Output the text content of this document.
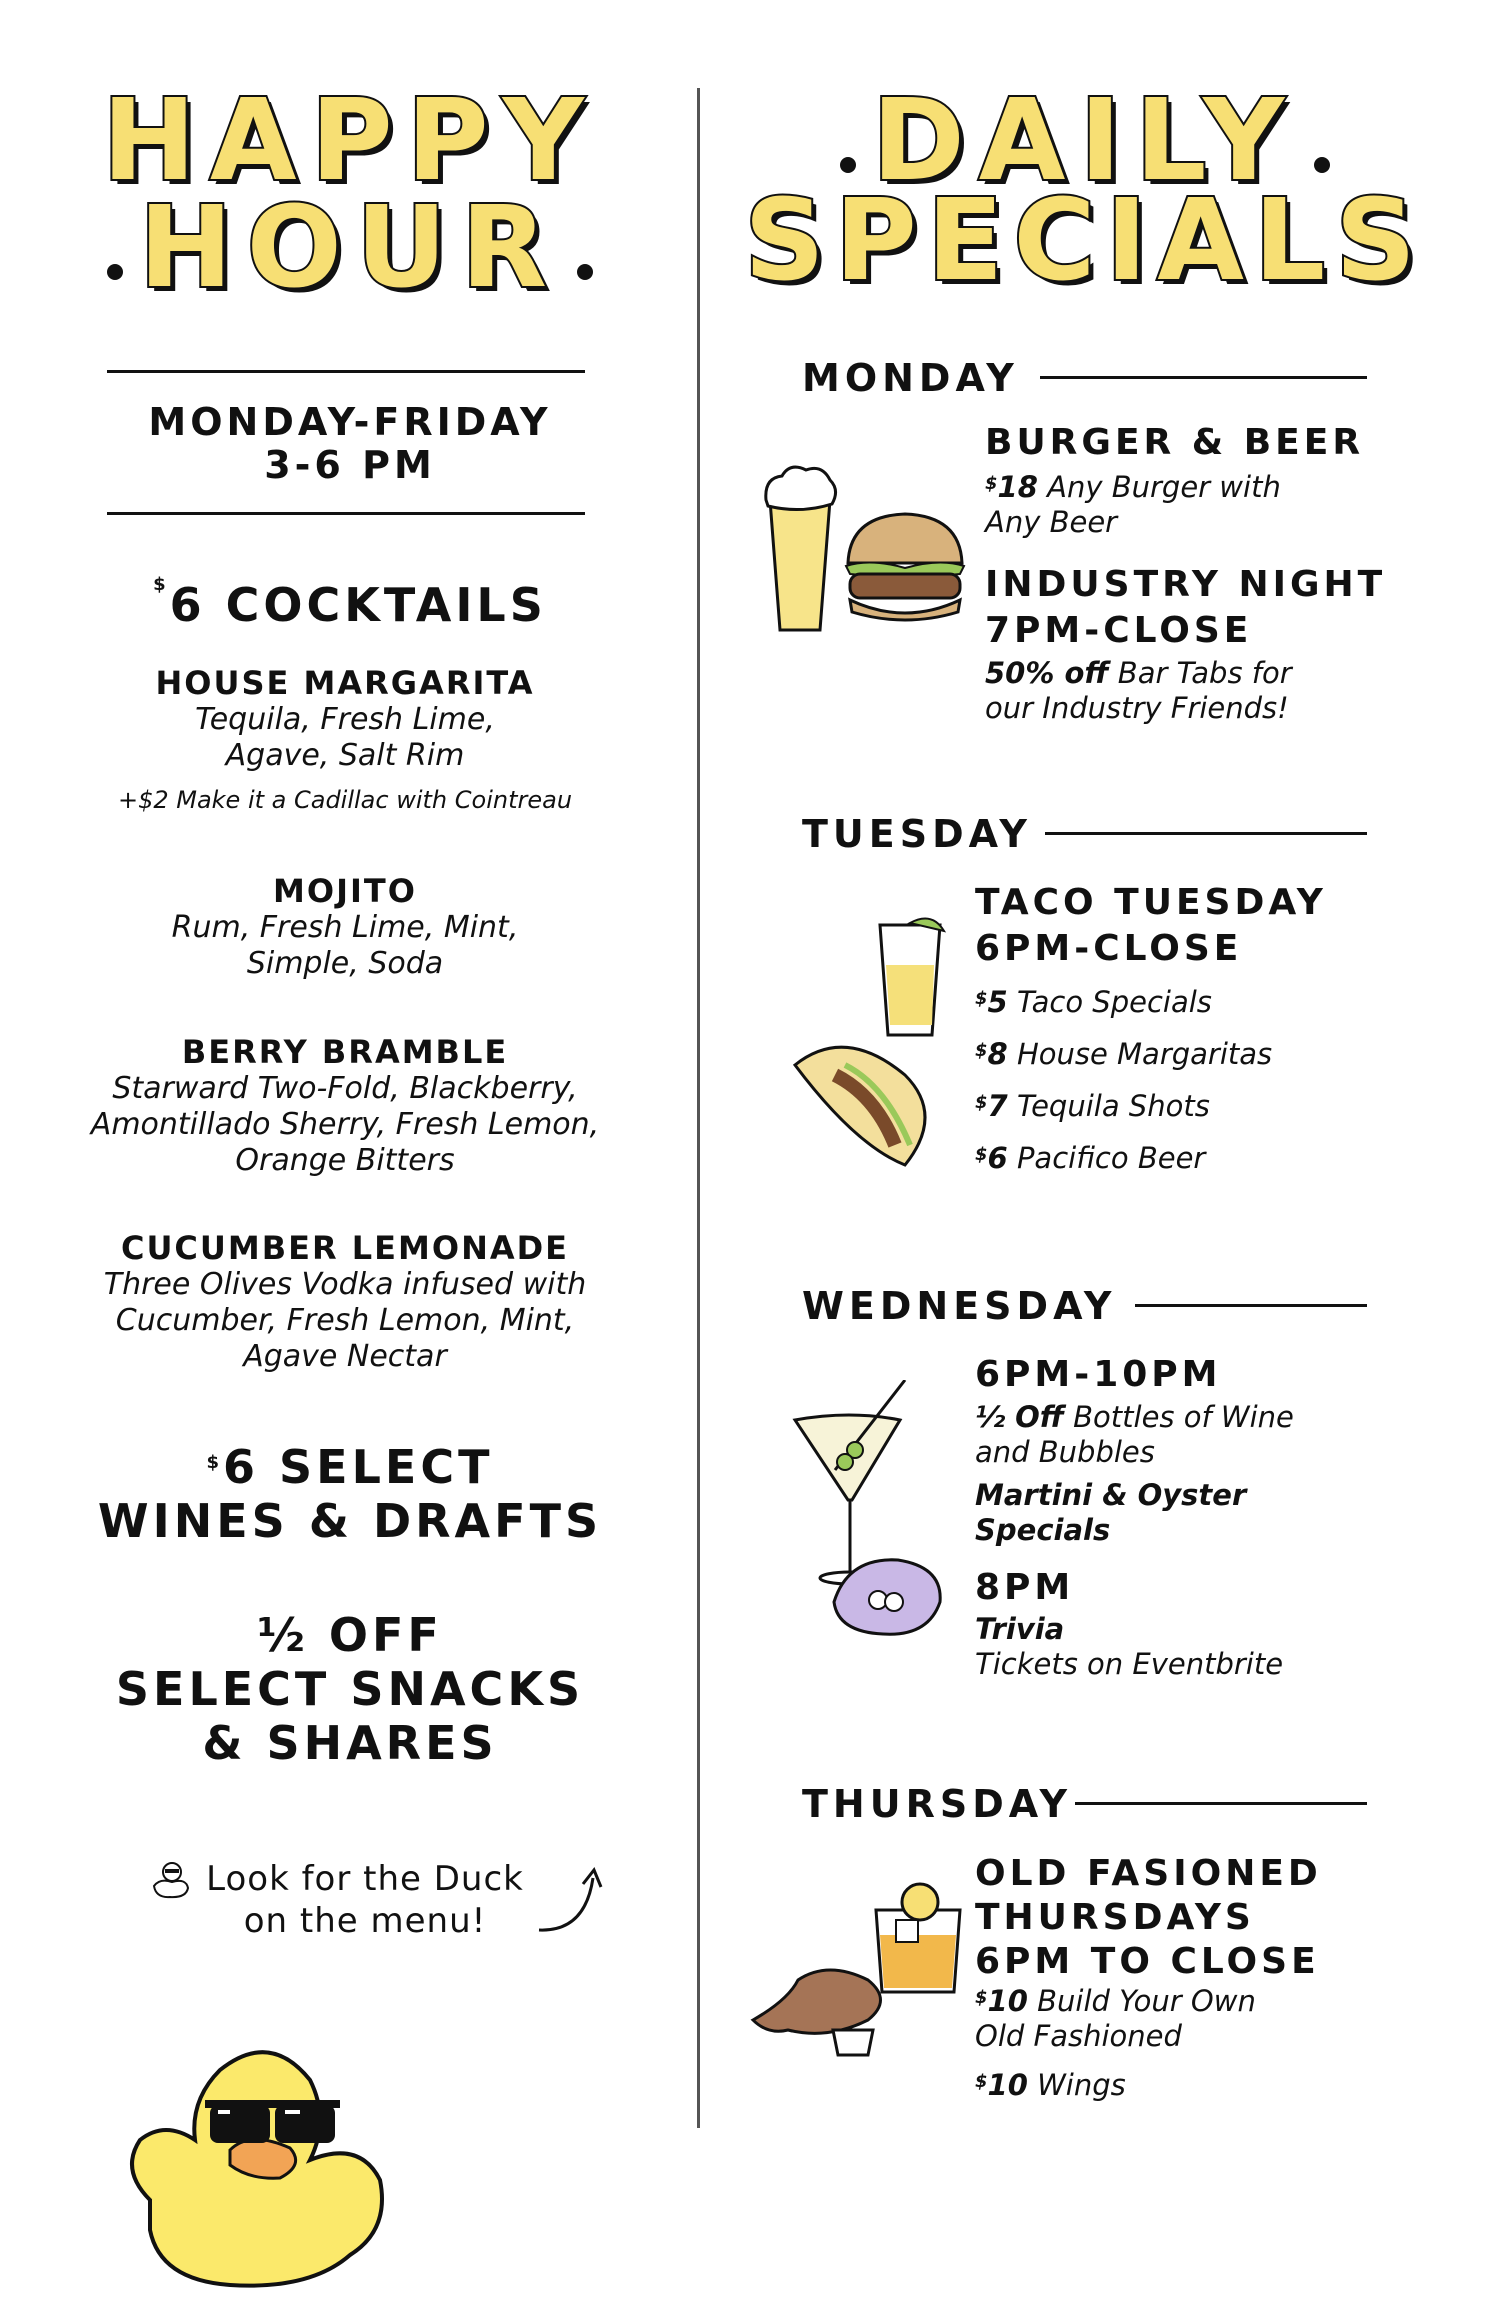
HAPPY
HOUR
MONDAY-FRIDAY
3-6 PM
$6 COCKTAILS
HOUSE MARGARITA
Tequila, Fresh Lime,
Agave, Salt Rim
+$2 Make it a Cadillac with Cointreau
MOJITO
Rum, Fresh Lime, Mint,
Simple, Soda
BERRY BRAMBLE
Starward Two-Fold, Blackberry,
Amontillado Sherry, Fresh Lemon,
Orange Bitters
CUCUMBER LEMONADE
Three Olives Vodka infused with
Cucumber, Fresh Lemon, Mint,
Agave Nectar
$6 SELECT
WINES & DRAFTS
½ OFF
SELECT SNACKS
& SHARES
Look for the Duck
on the menu!
DAILY
SPECIALS
MONDAY
BURGER & BEER
$18 Any Burger with
Any Beer
INDUSTRY NIGHT
7PM-CLOSE
50% off Bar Tabs for
our Industry Friends!
TUESDAY
TACO TUESDAY
6PM-CLOSE
$5 Taco Specials
$8 House Margaritas
$7 Tequila Shots
$6 Pacifico Beer
WEDNESDAY
6PM-10PM
½ Off Bottles of Wine
and Bubbles
Martini & Oyster
Specials
8PM
Trivia
Tickets on Eventbrite
THURSDAY
OLD FASIONED
THURSDAYS
6PM TO CLOSE
$10 Build Your Own
Old Fashioned
$10 Wings
